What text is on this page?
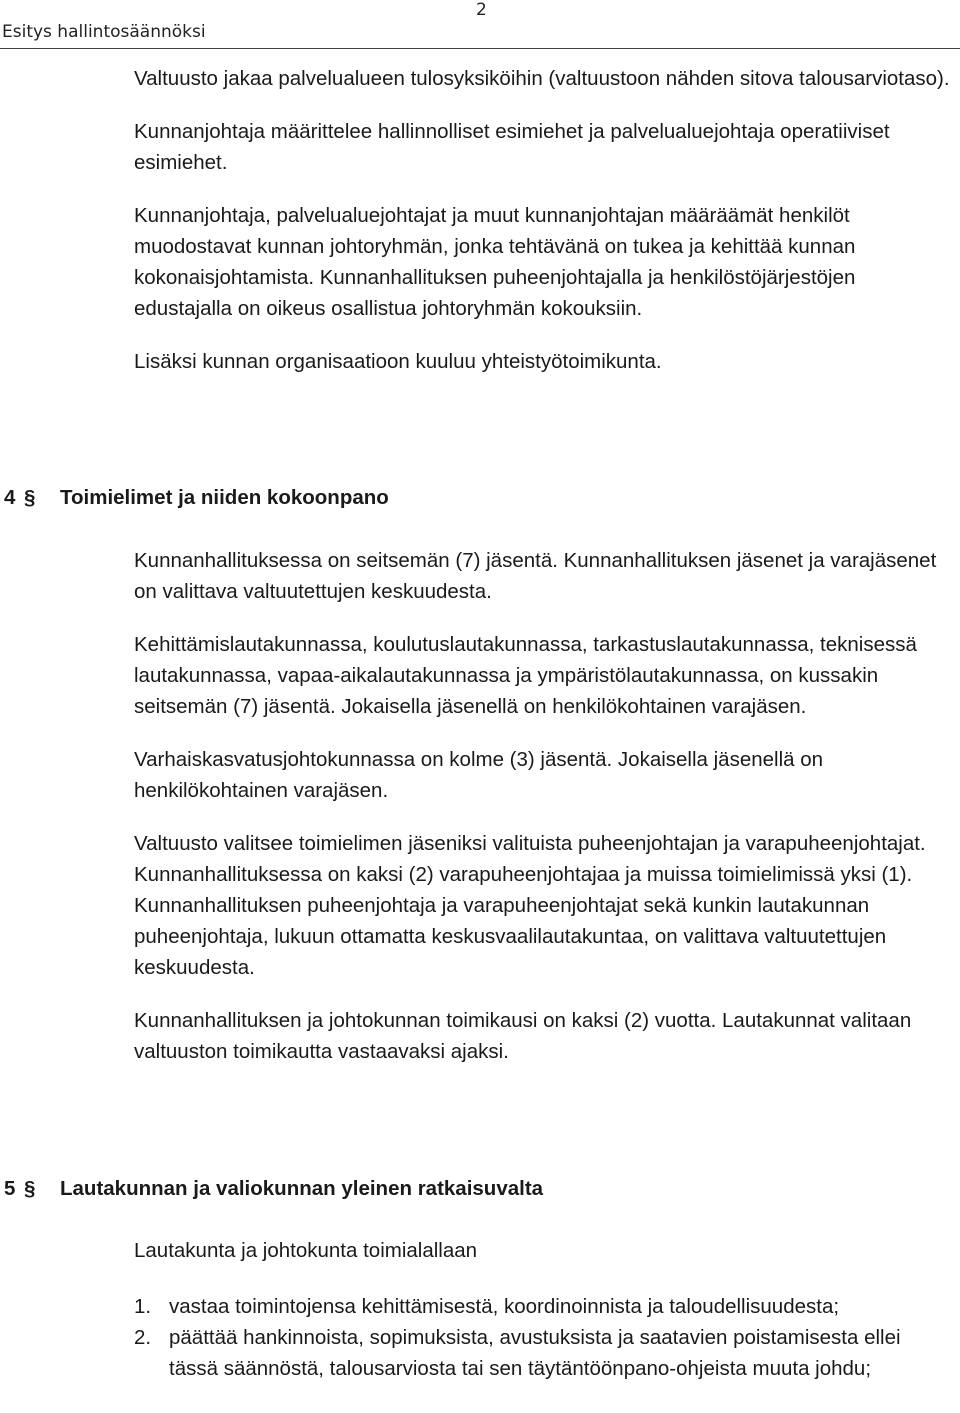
Esitys hallintosäännöksi
2

Valtuusto jakaa palvelualueen tulosyksiköihin (valtuustoon nähden sitova talousarviotaso).

Kunnanjohtaja määrittelee hallinnolliset esimiehet ja palvelualuejohtaja operatiiviset esimiehet.

Kunnanjohtaja, palvelualuejohtajat ja muut kunnanjohtajan määräämät henkilöt muodostavat kunnan johtoryhmän, jonka tehtävänä on tukea ja kehittää kunnan kokonaisjohtamista. Kunnanhallituksen puheenjohtajalla ja henkilöstöjärjestöjen edustajalla on oikeus osallistua johtoryhmän kokouksiin.

Lisäksi kunnan organisaatioon kuuluu yhteistyötoimikunta.

4 § Toimielimet ja niiden kokoonpano

Kunnanhallituksessa on seitsemän (7) jäsentä. Kunnanhallituksen jäsenet ja varajäsenet on valittava valtuutettujen keskuudesta.

Kehittämislautakunnassa, koulutuslautakunnassa, tarkastuslautakunnassa, teknisessä lautakunnassa, vapaa-aikalautakunnassa ja ympäristölautakunnassa, on kussakin seitsemän (7) jäsentä. Jokaisella jäsenellä on henkilökohtainen varajäsen.

Varhaiskasvatusjohtokunnassa on kolme (3) jäsentä. Jokaisella jäsenellä on henkilökohtainen varajäsen.

Valtuusto valitsee toimielimen jäseniksi valituista puheenjohtajan ja varapuheenjohtajat. Kunnanhallituksessa on kaksi (2) varapuheenjohtajaa ja muissa toimielimissä yksi (1). Kunnanhallituksen puheenjohtaja ja varapuheenjohtajat sekä kunkin lautakunnan puheenjohtaja, lukuun ottamatta keskusvaalilautakuntaa, on valittava valtuutettujen keskuudesta.

Kunnanhallituksen ja johtokunnan toimikausi on kaksi (2) vuotta. Lautakunnat valitaan valtuuston toimikautta vastaavaksi ajaksi.

5 § Lautakunnan ja valiokunnan yleinen ratkaisuvalta

Lautakunta ja johtokunta toimialallaan

1. vastaa toimintojensa kehittämisestä, koordinoinnista ja taloudellisuudesta;
2. päättää hankinnoista, sopimuksista, avustuksista ja saatavien poistamisesta ellei tässä säännöstä, talousarviosta tai sen täytäntöönpano-ohjeista muuta johdu;
